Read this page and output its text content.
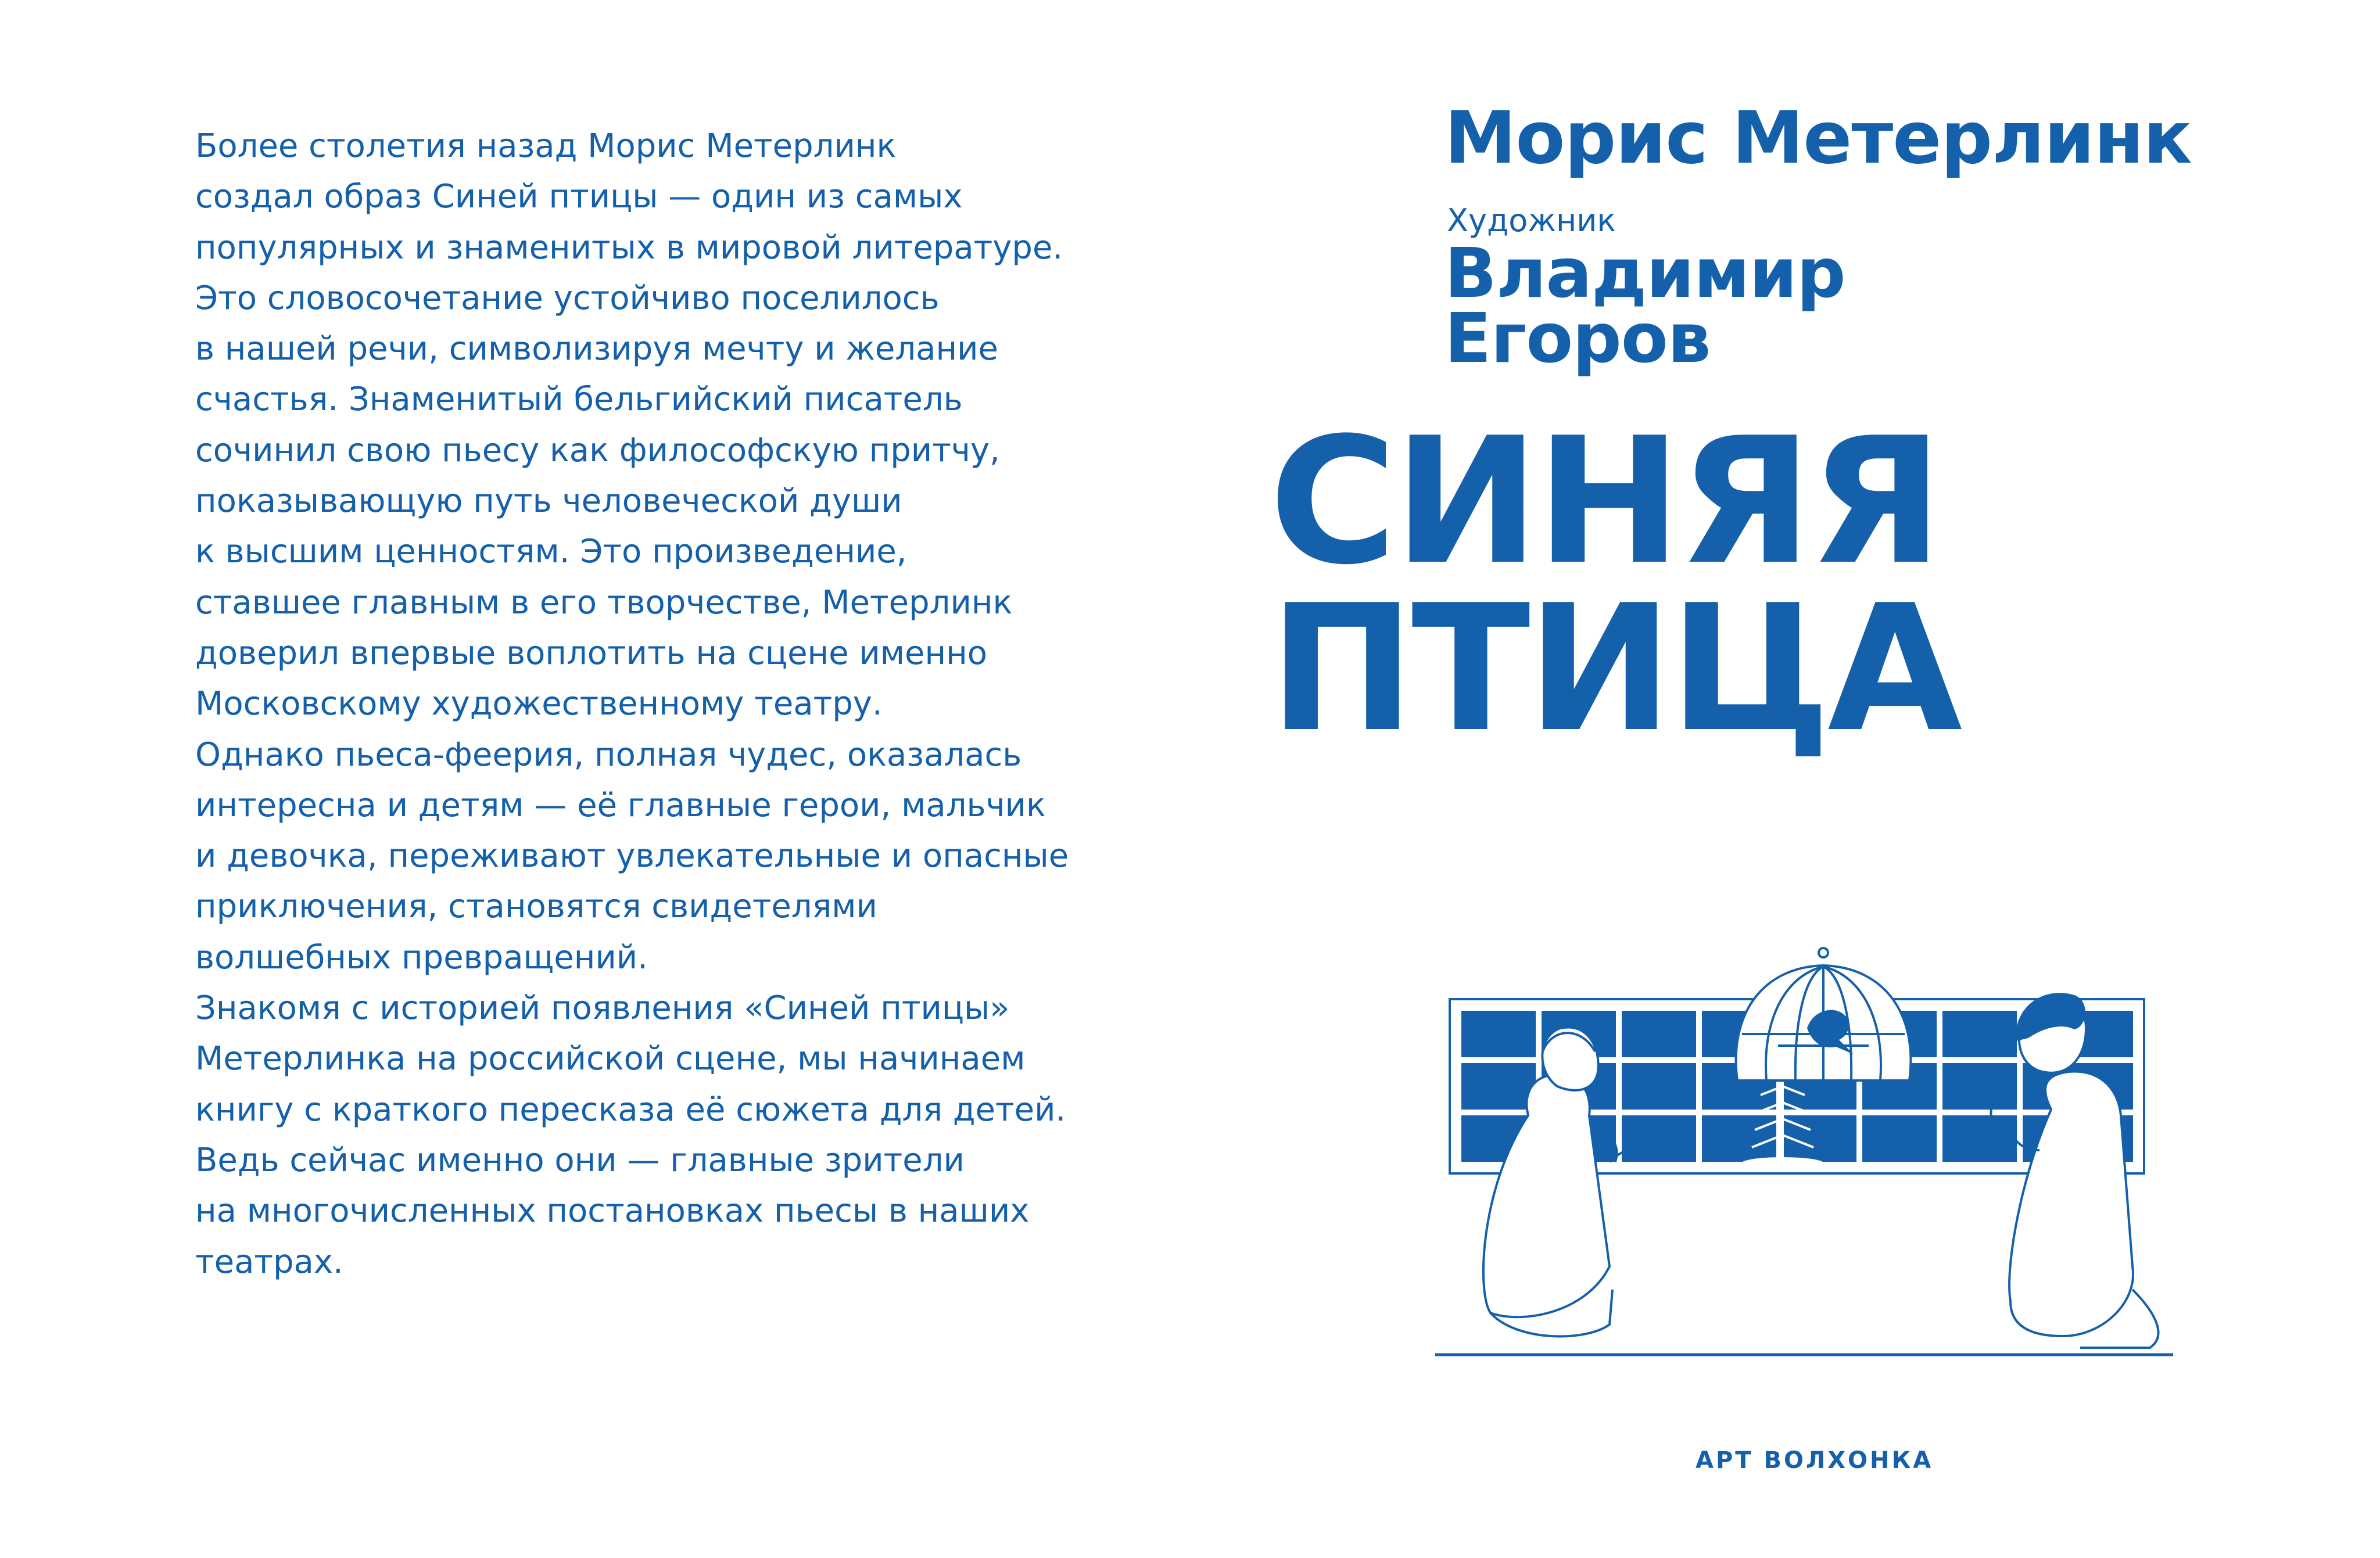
Более столетия назад Морис Метерлинк
создал образ Синей птицы — один из самых
популярных и знаменитых в мировой литературе.
Это словосочетание устойчиво поселилось
в нашей речи, символизируя мечту и желание
счастья. Знаменитый бельгийский писатель
сочинил свою пьесу как философскую притчу,
показывающую путь человеческой души
к высшим ценностям. Это произведение,
ставшее главным в его творчестве, Метерлинк
доверил впервые воплотить на сцене именно
Московскому художественному театру.
Однако пьеса-феерия, полная чудес, оказалась
интересна и детям — её главные герои, мальчик
и девочка, переживают увлекательные и опасные
приключения, становятся свидетелями
волшебных превращений.
Знакомя с историей появления «Синей птицы»
Метерлинка на российской сцене, мы начинаем
книгу с краткого пересказа её сюжета для детей.
Ведь сейчас именно они — главные зрители
на многочисленных постановках пьесы в наших
театрах.
Морис Метерлинк
Художник
Владимир
Егоров
СИНЯЯ
ПТИЦА
АРТ ВОЛХОНКА
